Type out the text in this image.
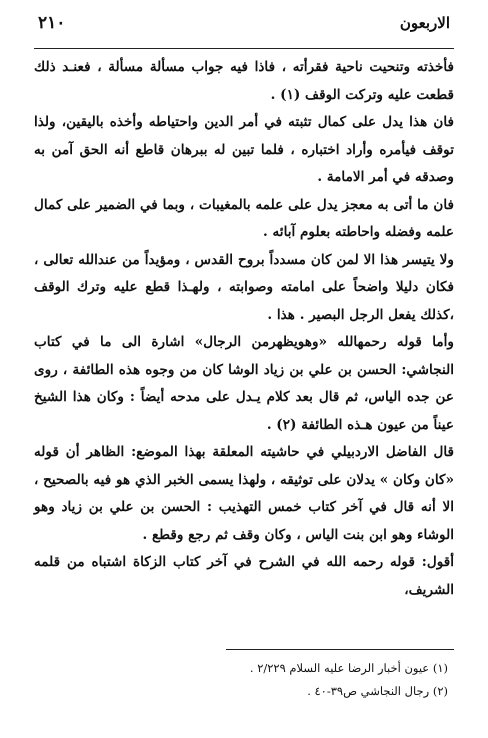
٢١٠	الاربعون

فأخذته وتنحيت ناحية فقرأته ، فاذا فيه جواب مسألة مسألة ، فعنـد ذلك قطعت عليه وتركت الوقف (١) .

فان هذا يدل على كمال تثبته في أمر الدين واحتياطه وأخذه باليقين، ولذا توقف فيأمره وأراد اختباره ، فلما تبين له ببرهان قاطع أنه الحق آمن به وصدقه في أمر الامامة .

فان ما أتى به معجز يدل على علمه بالمغيبات ، وبما في الضمير على كمال علمه وفضله واحاطته بعلوم آبائه .

ولا يتيسر هذا الا لمن كان مسدداً بروح القدس ، ومؤيداً من عندالله تعالى ، فكان دليلا واضحاً على امامته وصوابته ، ولهـذا قطع عليه وترك الوقف ،كذلك يفعل الرجل البصير . هذا .

وأما قوله رحمهالله «وهويظهرمن الرجال» اشارة الى ما في كتاب النجاشي: الحسن بن علي بن زياد الوشا كان من وجوه هذه الطائفة ، روى عن جده الياس، ثم قال بعد كلام يـدل على مدحه أيضاً : وكان هذا الشيخ عيناً من عيون هـذه الطائفة (٢) .

قال الفاضل الاردبيلي في حاشيته المعلقة بهذا الموضع: الظاهر أن قوله «كان وكان » يدلان على توثيقه ، ولهذا يسمى الخبر الذي هو فيه بالصحيح ، الا أنه قال في آخر كتاب خمس التهذيب : الحسن بن علي بن زياد وهو الوشاء وهو ابن بنت الياس ، وكان وقف ثم رجع وقطع .

أقول: قوله رحمه الله في الشرح في آخر كتاب الزكاة اشتباه من قلمه الشريف،

(١) عيون أخبار الرضا عليه السلام ٢/٢٢٩ .

(٢) رجال النجاشي ص٣٩-٤٠ .
